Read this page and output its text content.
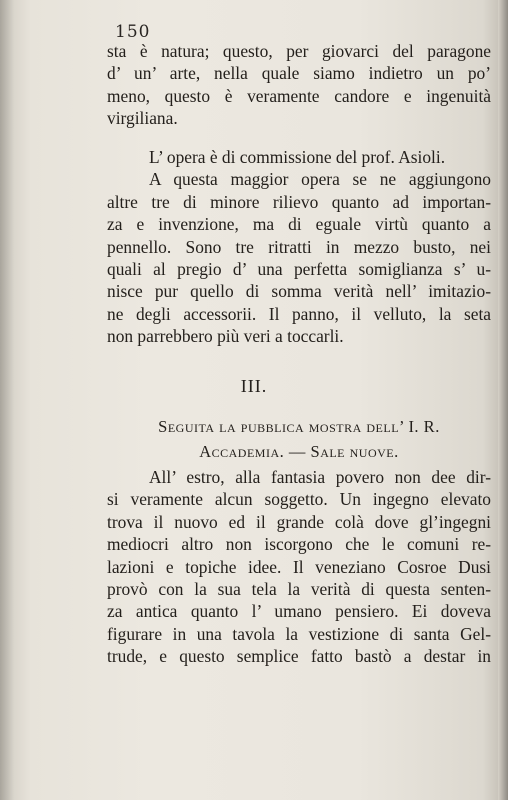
150
sta è natura; questo, per giovarci del paragone
d’ un’ arte, nella quale siamo indietro un po’
meno, questo è veramente candore e ingenuità
virgiliana.
L’ opera è di commissione del prof. Asioli.
A questa maggior opera se ne aggiungono
altre tre di minore rilievo quanto ad importan-
za e invenzione, ma di eguale virtù quanto a
pennello. Sono tre ritratti in mezzo busto, nei
quali al pregio d’ una perfetta somiglianza s’ u-
nisce pur quello di somma verità nell’ imitazio-
ne degli accessorii. Il panno, il velluto, la seta
non parrebbero più veri a toccarli.
III.
Seguita la pubblica mostra dell’ I. R.
Accademia. — Sale nuove.
All’ estro, alla fantasia povero non dee dir-
si veramente alcun soggetto. Un ingegno elevato
trova il nuovo ed il grande colà dove gl’ingegni
mediocri altro non iscorgono che le comuni re-
lazioni e topiche idee. Il veneziano Cosroe Dusi
provò con la sua tela la verità di questa senten-
za antica quanto l’ umano pensiero. Ei doveva
figurare in una tavola la vestizione di santa Gel-
trude, e questo semplice fatto bastò a destar in
